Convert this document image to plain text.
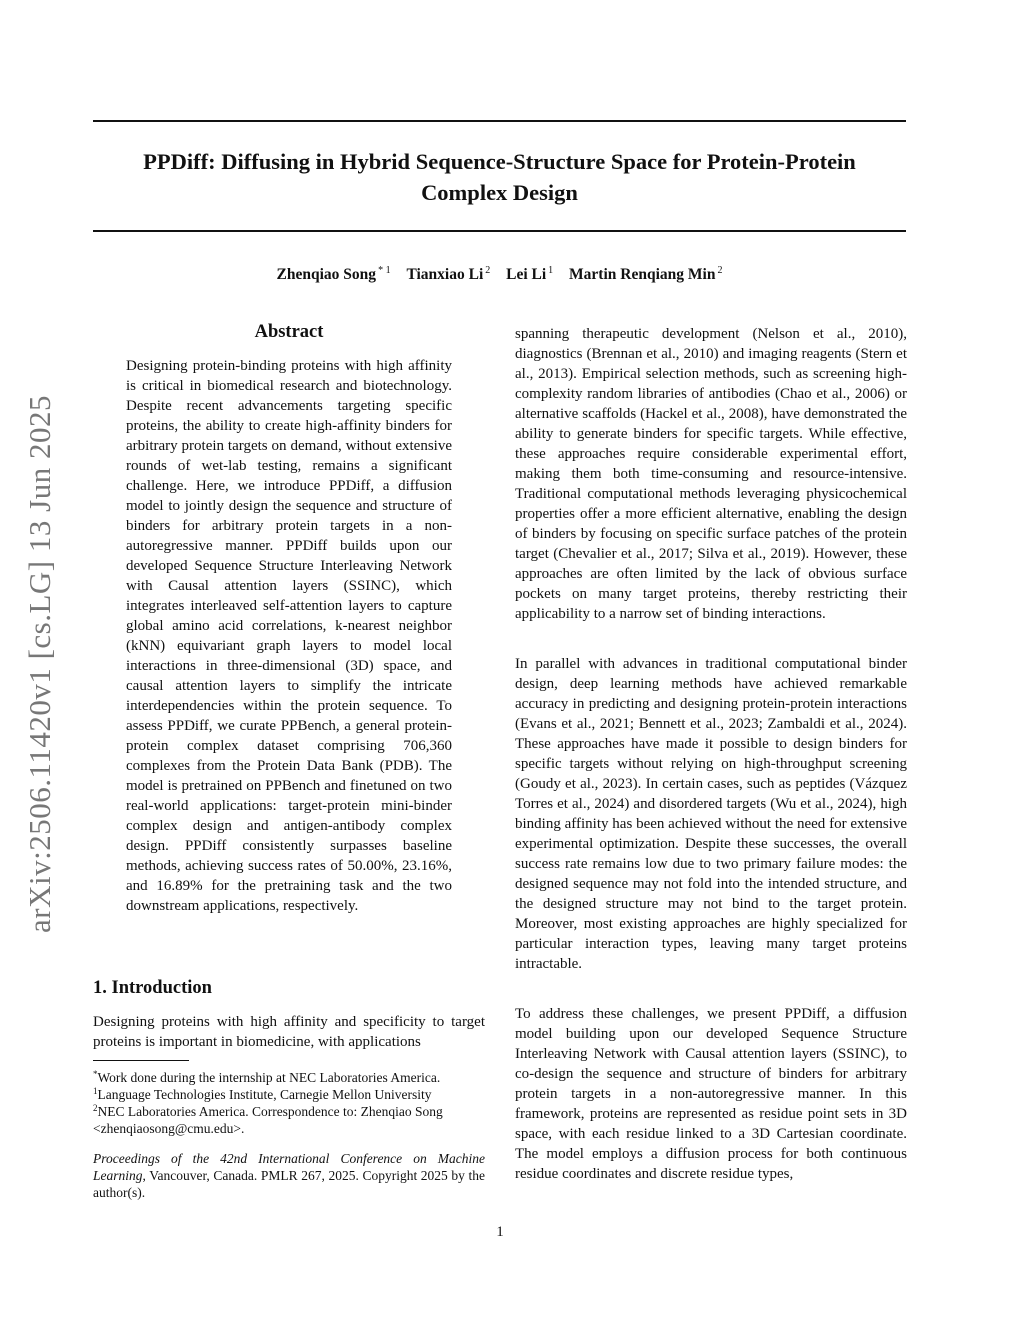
PPDiff: Diffusing in Hybrid Sequence-Structure Space for Protein-Protein
Complex Design
Zhenqiao Song $^{* 1}$ Tianxiao Li $^2$ Lei Li $^1$ Martin Renqiang Min $^2$
arXiv:2506.11420v1 [cs.LG] 13 Jun 2025
Abstract

Designing protein-binding proteins with high affinity is critical in biomedical research and biotechnology. Despite recent advancements targeting specific proteins, the ability to create high-affinity binders for arbitrary protein targets on demand, without extensive rounds of wet-lab testing, remains a significant challenge. Here, we introduce PPDiff, a diffusion model to jointly design the sequence and structure of binders for arbitrary protein targets in a non-autoregressive manner. PPDiff builds upon our developed Sequence Structure Interleaving Network with Causal attention layers (SSINC), which integrates interleaved self-attention layers to capture global amino acid correlations, k-nearest neighbor (kNN) equivariant graph layers to model local interactions in three-dimensional (3D) space, and causal attention layers to simplify the intricate interdependencies within the protein sequence. To assess PPDiff, we curate PPBench, a general protein-protein complex dataset comprising 706,360 complexes from the Protein Data Bank (PDB). The model is pretrained on PPBench and finetuned on two real-world applications: target-protein mini-binder complex design and antigen-antibody complex design. PPDiff consistently surpasses baseline methods, achieving success rates of 50.00%, 23.16%, and 16.89% for the pretraining task and the two downstream applications, respectively.

1. Introduction

Designing proteins with high affinity and specificity to target proteins is important in biomedicine, with applications

*Work done during the internship at NEC Laboratories America.
$^1$Language Technologies Institute, Carnegie Mellon University
$^2$NEC Laboratories America. Correspondence to: Zhenqiao Song <zhenqiaosong@cmu.edu>.
Proceedings of the 42nd International Conference on Machine Learning, Vancouver, Canada. PMLR 267, 2025. Copyright 2025 by the author(s).

spanning therapeutic development (Nelson et al., 2010), diagnostics (Brennan et al., 2010) and imaging reagents (Stern et al., 2013). Empirical selection methods, such as screening high-complexity random libraries of antibodies (Chao et al., 2006) or alternative scaffolds (Hackel et al., 2008), have demonstrated the ability to generate binders for specific targets. While effective, these approaches require considerable experimental effort, making them both time-consuming and resource-intensive. Traditional computational methods leveraging physicochemical properties offer a more efficient alternative, enabling the design of binders by focusing on specific surface patches of the protein target (Chevalier et al., 2017; Silva et al., 2019). However, these approaches are often limited by the lack of obvious surface pockets on many target proteins, thereby restricting their applicability to a narrow set of binding interactions.

In parallel with advances in traditional computational binder design, deep learning methods have achieved remarkable accuracy in predicting and designing protein-protein interactions (Evans et al., 2021; Bennett et al., 2023; Zambaldi et al., 2024). These approaches have made it possible to design binders for specific targets without relying on high-throughput screening (Goudy et al., 2023). In certain cases, such as peptides (Vázquez Torres et al., 2024) and disordered targets (Wu et al., 2024), high binding affinity has been achieved without the need for extensive experimental optimization. Despite these successes, the overall success rate remains low due to two primary failure modes: the designed sequence may not fold into the intended structure, and the designed structure may not bind to the target protein. Moreover, most existing approaches are highly specialized for particular interaction types, leaving many target proteins intractable.

To address these challenges, we present PPDiff, a diffusion model building upon our developed Sequence Structure Interleaving Network with Causal attention layers (SSINC), to co-design the sequence and structure of binders for arbitrary protein targets in a non-autoregressive manner. In this framework, proteins are represented as residue point sets in 3D space, with each residue linked to a 3D Cartesian coordinate. The model employs a diffusion process for both continuous residue coordinates and discrete residue types,

1
